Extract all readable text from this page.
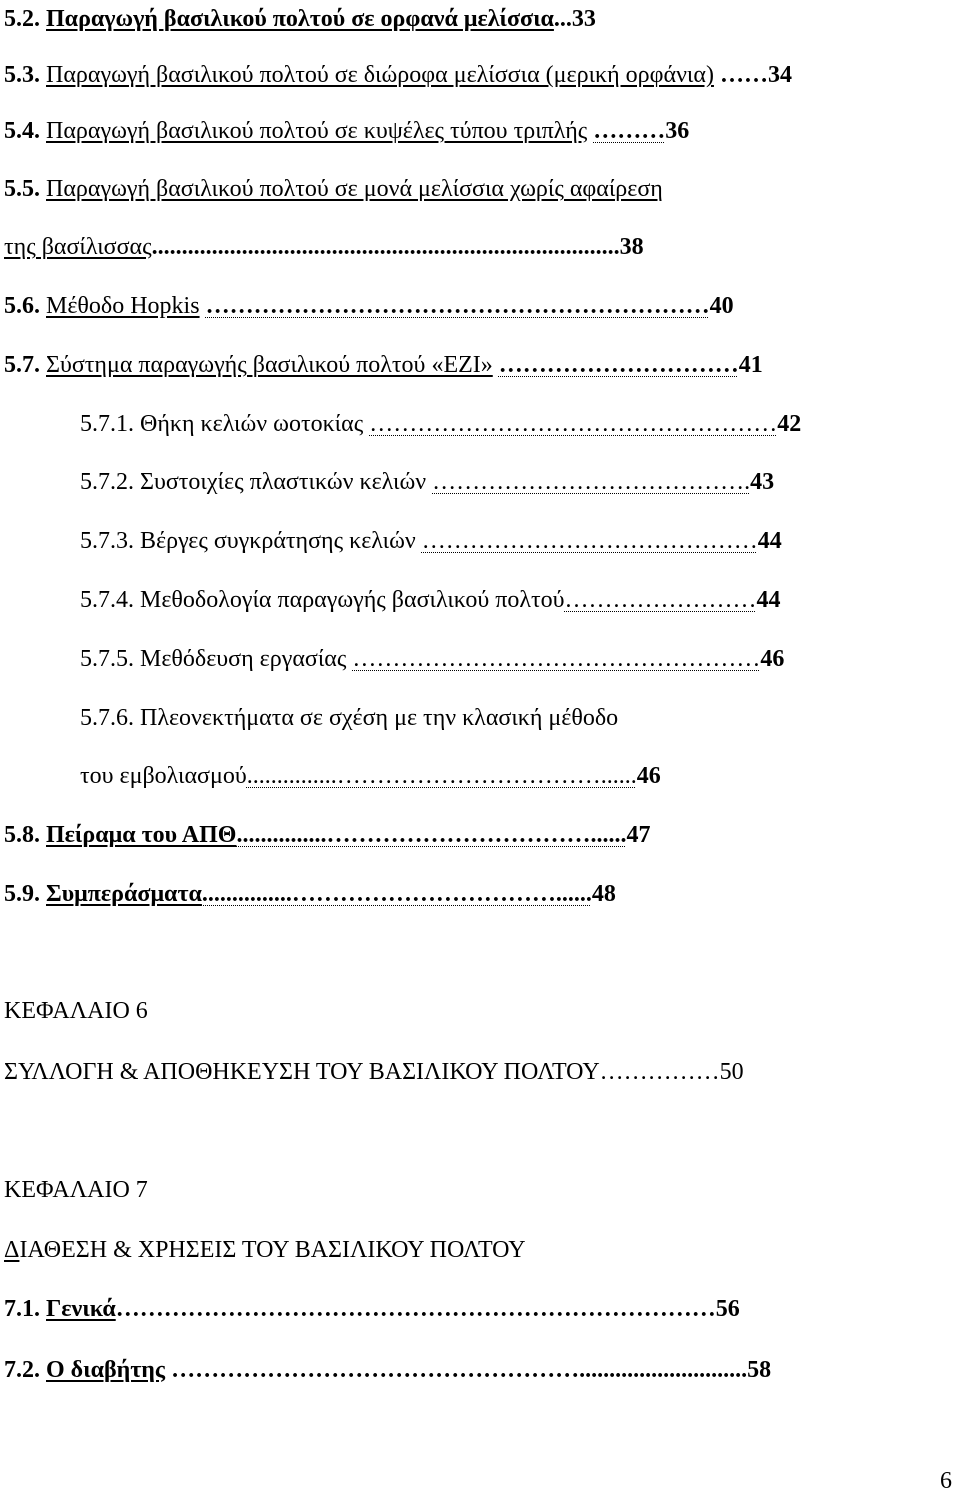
5.2. Παραγωγή βασιλικού πολτού σε ορφανά μελίσσια...33
5.3. Παραγωγή βασιλικού πολτού σε διώροφα μελίσσια (μερική ορφάνια) ……34
5.4. Παραγωγή βασιλικού πολτού σε κυψέλες τύπου τριπλής ………36
5.5. Παραγωγή βασιλικού πολτού σε μονά μελίσσια χωρίς αφαίρεση
της βασίλισσας..............................................................................38
5.6. Μέθοδο Hopkis ………………………………………………………40
5.7. Σύστημα παραγωγής βασιλικού πολτού «EZI» …………………………41
5.7.1. Θήκη κελιών ωοτοκίας ……………………………………………42
5.7.2. Συστοιχίες πλαστικών κελιών ………………………………….43
5.7.3. Βέργες συγκράτησης κελιών ……………………………………44
5.7.4. Μεθοδολογία παραγωγής βασιλικού πολτού……………………44
5.7.5. Μεθόδευση εργασίας ……………………………………………46
5.7.6. Πλεονεκτήματα σε σχέση με την κλασική μέθοδο
του εμβολιασμού...............……………………………......46
5.8. Πείραμα του ΑΠΘ...............……………………………......47
5.9. Συμπεράσματα...............……………………………......48
ΚΕΦΑΛΑΙΟ 6
ΣΥΛΛΟΓΗ & ΑΠΟΘΗΚΕΥΣΗ ΤΟΥ ΒΑΣΙΛΙΚΟΥ ΠΟΛΤΟΥ……………50
ΚΕΦΑΛΑΙΟ 7
ΔΙΑΘΕΣΗ & ΧΡΗΣΕΙΣ ΤΟΥ ΒΑΣΙΛΙΚΟΥ ΠΟΛΤΟΥ
7.1. Γενικά…………………………………………………………………56
7.2. Ο διαβήτης ……………………………………………............................58
6
